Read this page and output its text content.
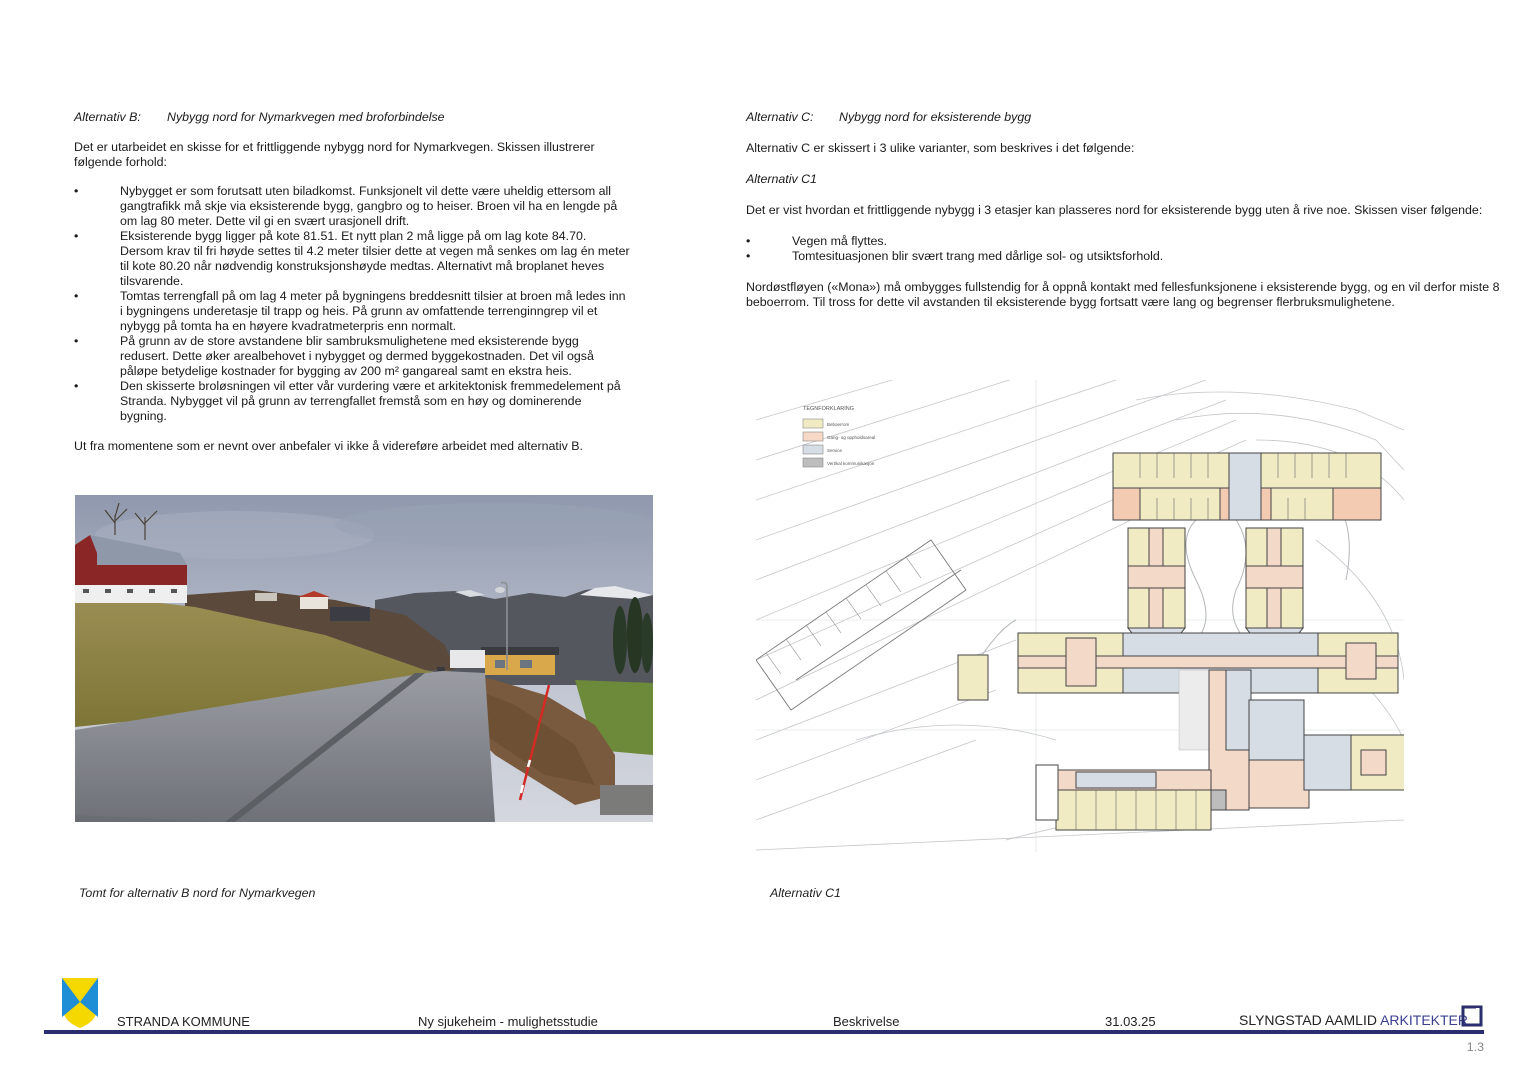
Alternativ B:	Nybygg nord for Nymarkvegen med broforbindelse
Det er utarbeidet en skisse for et frittliggende nybygg nord for Nymarkvegen. Skissen illustrerer
følgende forhold:
•	Nybygget er som forutsatt uten biladkomst. Funksjonelt vil dette være uheldig ettersom all
gangtrafikk må skje via eksisterende bygg, gangbro og to heiser. Broen vil ha en lengde på
om lag 80 meter. Dette vil gi en svært urasjonell drift.
•	Eksisterende bygg ligger på kote 81.51. Et nytt plan 2 må ligge på om lag kote 84.70.
Dersom krav til fri høyde settes til 4.2 meter tilsier dette at vegen må senkes om lag én meter
til kote 80.20 når nødvendig konstruksjonshøyde medtas. Alternativt må broplanet heves
tilsvarende.
•	Tomtas terrengfall på om lag 4 meter på bygningens breddesnitt tilsier at broen må ledes inn
i bygningens underetasje til trapp og heis. På grunn av omfattende terrenginngrep vil et
nybygg på tomta ha en høyere kvadratmeterpris enn normalt.
•	På grunn av de store avstandene blir sambruksmulighetene med eksisterende bygg
redusert. Dette øker arealbehovet i nybygget og dermed byggekostnaden. Det vil også
påløpe betydelige kostnader for bygging av 200 m² gangareal samt en ekstra heis.
•	Den skisserte broløsningen vil etter vår vurdering være et arkitektonisk fremmedelement på
Stranda. Nybygget vil på grunn av terrengfallet fremstå som en høy og dominerende
bygning.
Ut fra momentene som er nevnt over anbefaler vi ikke å videreføre arbeidet med alternativ B.
Tomt for alternativ B nord for Nymarkvegen
Alternativ C:	Nybygg nord for eksisterende bygg
Alternativ C er skissert i 3 ulike varianter, som beskrives i det følgende:
Alternativ C1
Det er vist hvordan et frittliggende nybygg i 3 etasjer kan plasseres nord for eksisterende bygg uten å rive noe. Skissen viser følgende:
•	Vegen må flyttes.
•	Tomtesituasjonen blir svært trang med dårlige sol- og utsiktsforhold.
Nordøstfløyen («Mona») må ombygges fullstendig for å oppnå kontakt med fellesfunksjonene i eksisterende bygg, og en vil derfor miste 8
beboerrom. Til tross for dette vil avstanden til eksisterende bygg fortsatt være lang og begrenser flerbruksmulighetene.
TEGNFORKLARING
Beboerrom
Gang- og oppholdsareal
Service
Vertikal kommunikasjon
Alternativ C1
STRANDA KOMMUNE	Ny sjukeheim - mulighetsstudie	Beskrivelse	31.03.25	SLYNGSTAD AAMLID ARKITEKTER
1.3
